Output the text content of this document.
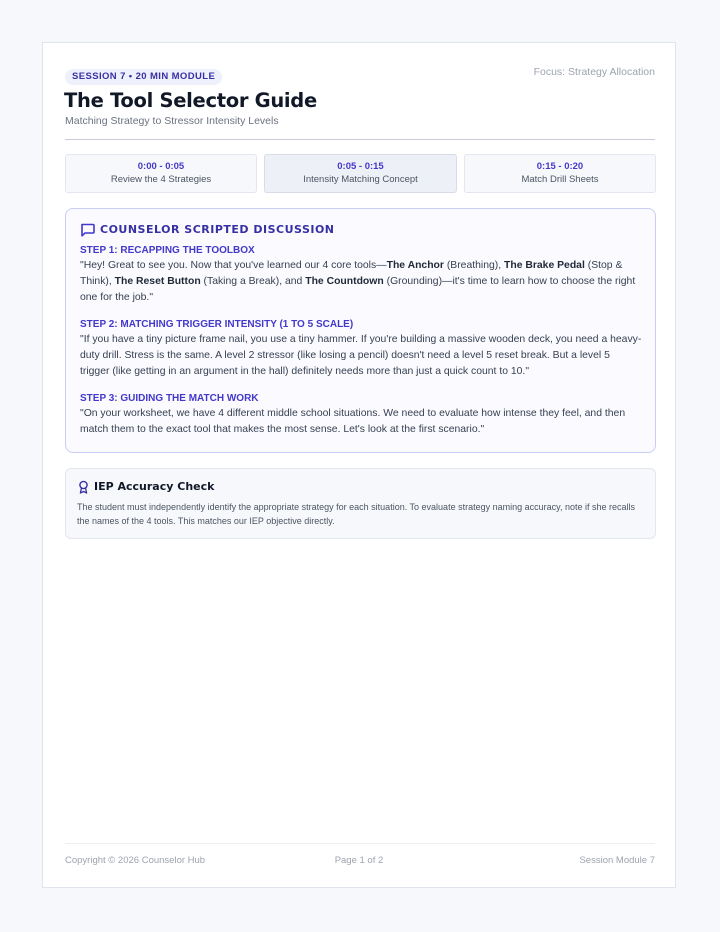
SESSION 7 • 20 MIN MODULE	Focus: Strategy Allocation
The Tool Selector Guide
Matching Strategy to Stressor Intensity Levels
0:00 - 0:05
Review the 4 Strategies
0:05 - 0:15
Intensity Matching Concept
0:15 - 0:20
Match Drill Sheets
COUNSELOR SCRIPTED DISCUSSION
STEP 1: RECAPPING THE TOOLBOX
"Hey! Great to see you. Now that you've learned our 4 core tools—The Anchor (Breathing), The Brake Pedal (Stop & Think), The Reset Button (Taking a Break), and The Countdown (Grounding)—it's time to learn how to choose the right one for the job."
STEP 2: MATCHING TRIGGER INTENSITY (1 TO 5 SCALE)
"If you have a tiny picture frame nail, you use a tiny hammer. If you're building a massive wooden deck, you need a heavy-duty drill. Stress is the same. A level 2 stressor (like losing a pencil) doesn't need a level 5 reset break. But a level 5 trigger (like getting in an argument in the hall) definitely needs more than just a quick count to 10."
STEP 3: GUIDING THE MATCH WORK
"On your worksheet, we have 4 different middle school situations. We need to evaluate how intense they feel, and then match them to the exact tool that makes the most sense. Let's look at the first scenario."
IEP Accuracy Check
The student must independently identify the appropriate strategy for each situation. To evaluate strategy naming accuracy, note if she recalls the names of the 4 tools. This matches our IEP objective directly.
Copyright © 2026 Counselor Hub	Page 1 of 2	Session Module 7
